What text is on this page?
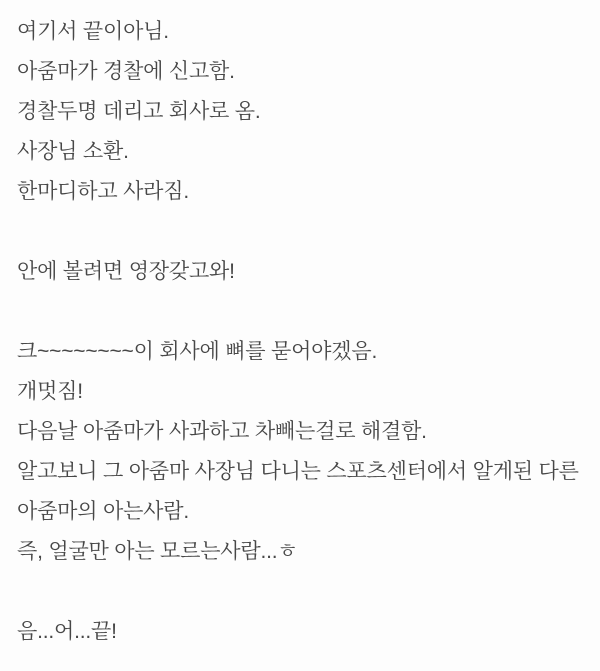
여기서 끝이아님.
아줌마가 경찰에 신고함.
경찰두명 데리고 회사로 옴.
사장님 소환.
한마디하고 사라짐.
안에 볼려면 영장갖고와!
크~~~~~~~~이 회사에 뼈를 묻어야겠음.
개멋짐!
다음날 아줌마가 사과하고 차빼는걸로 해결함.
알고보니 그 아줌마 사장님 다니는 스포츠센터에서 알게된 다른
아줌마의 아는사람.
즉, 얼굴만 아는 모르는사람...ㅎ
음...어...끝!
